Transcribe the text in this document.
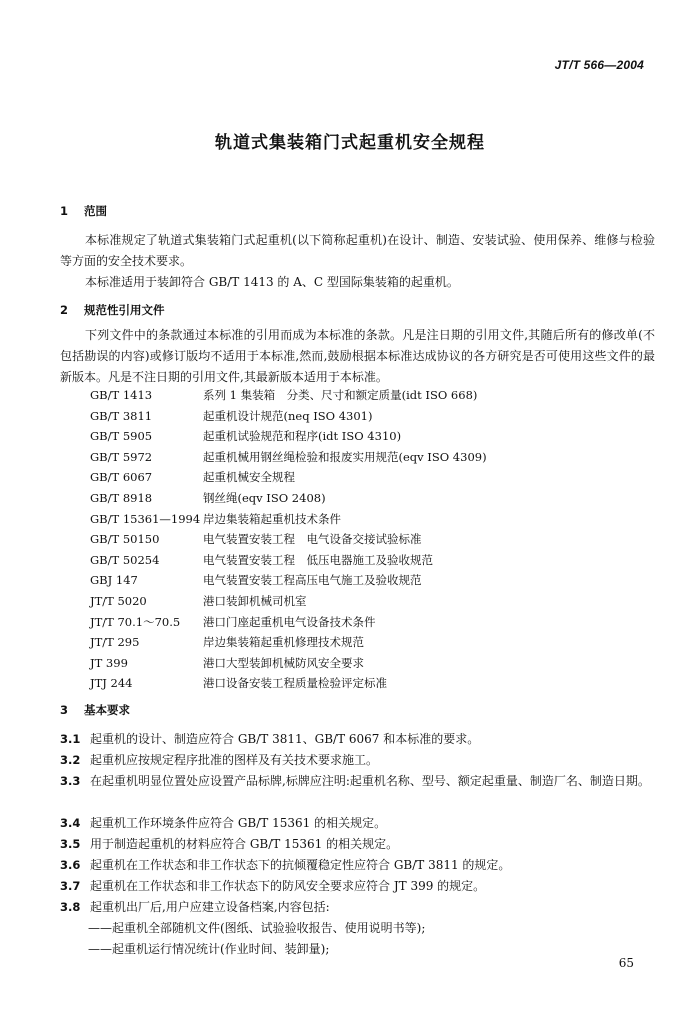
JT/T 566—2004
轨道式集装箱门式起重机安全规程
1 范围
本标准规定了轨道式集装箱门式起重机(以下简称起重机)在设计、制造、安装试验、使用保养、维修与检验等方面的安全技术要求。
本标准适用于装卸符合 GB/T 1413 的 A、C 型国际集装箱的起重机。
2 规范性引用文件
下列文件中的条款通过本标准的引用而成为本标准的条款。凡是注日期的引用文件,其随后所有的修改单(不包括勘误的内容)或修订版均不适用于本标准,然而,鼓励根据本标准达成协议的各方研究是否可使用这些文件的最新版本。凡是不注日期的引用文件,其最新版本适用于本标准。
GB/T 1413	系列 1 集装箱　分类、尺寸和额定质量(idt ISO 668)
GB/T 3811	起重机设计规范(neq ISO 4301)
GB/T 5905	起重机试验规范和程序(idt ISO 4310)
GB/T 5972	起重机械用钢丝绳检验和报废实用规范(eqv ISO 4309)
GB/T 6067	起重机械安全规程
GB/T 8918	钢丝绳(eqv ISO 2408)
GB/T 15361—1994 岸边集装箱起重机技术条件
GB/T 50150	电气装置安装工程　电气设备交接试验标准
GB/T 50254	电气装置安装工程　低压电器施工及验收规范
GBJ 147	电气装置安装工程高压电气施工及验收规范
JT/T 5020	港口装卸机械司机室
JT/T 70.1～70.5 港口门座起重机电气设备技术条件
JT/T 295	岸边集装箱起重机修理技术规范
JT 399	港口大型装卸机械防风安全要求
JTJ 244	港口设备安装工程质量检验评定标准
3 基本要求
3.1 起重机的设计、制造应符合 GB/T 3811、GB/T 6067 和本标准的要求。
3.2 起重机应按规定程序批准的图样及有关技术要求施工。
3.3 在起重机明显位置处应设置产品标牌,标牌应注明:起重机名称、型号、额定起重量、制造厂名、制造日期。
3.4 起重机工作环境条件应符合 GB/T 15361 的相关规定。
3.5 用于制造起重机的材料应符合 GB/T 15361 的相关规定。
3.6 起重机在工作状态和非工作状态下的抗倾覆稳定性应符合 GB/T 3811 的规定。
3.7 起重机在工作状态和非工作状态下的防风安全要求应符合 JT 399 的规定。
3.8 起重机出厂后,用户应建立设备档案,内容包括:
——起重机全部随机文件(图纸、试验验收报告、使用说明书等);
——起重机运行情况统计(作业时间、装卸量);
65
